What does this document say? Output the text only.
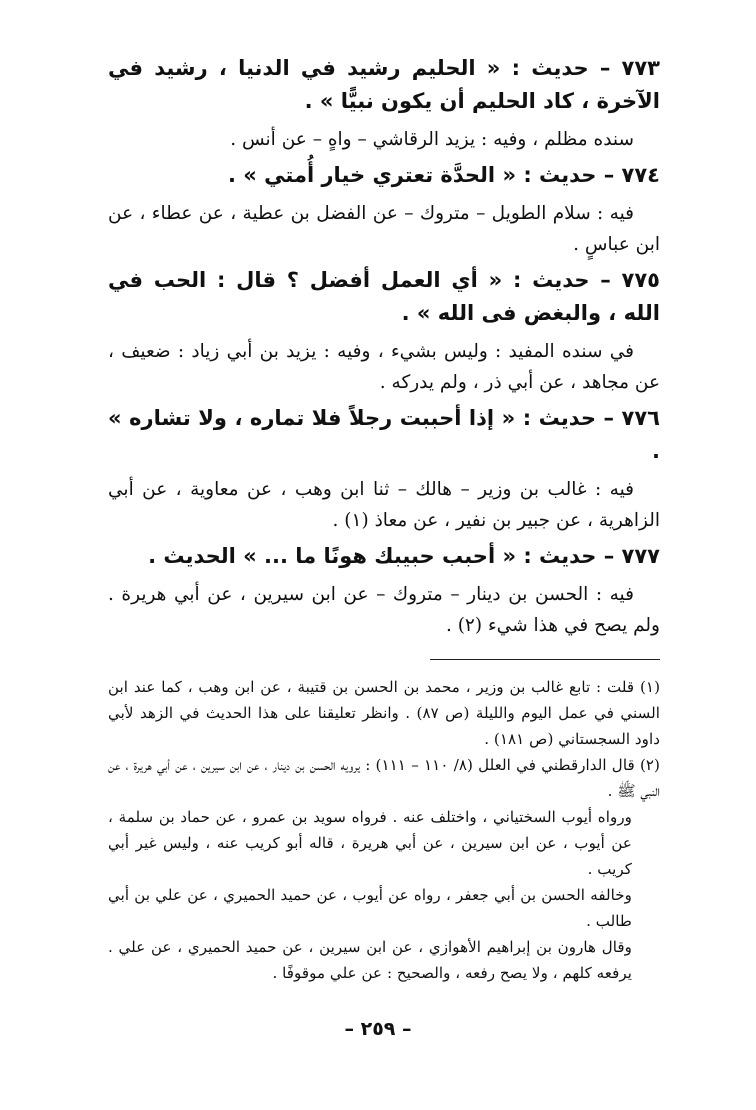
٧٧٣ – حديث : « الحليم رشيد في الدنيا ، رشيد في الآخرة ، كاد الحليم أن يكون نبيًّا » .

سنده مظلم ، وفيه : يزيد الرقاشي – واهٍ – عن أنس .

٧٧٤ – حديث : « الحدَّة تعتري خيار أُمتي » .

فيه : سلام الطويل – متروك – عن الفضل بن عطية ، عن عطاء ، عن ابن عباسٍ .

٧٧٥ – حديث : « أي العمل أفضل ؟ قال : الحب في الله ، والبغض فى الله » .

في سنده المفيد : وليس بشيء ، وفيه : يزيد بن أبي زياد : ضعيف ، عن مجاهد ، عن أبي ذر ، ولم يدركه .

٧٧٦ – حديث : « إذا أحببت رجلاً فلا تماره ، ولا تشاره » .

فيه : غالب بن وزير – هالك – ثنا ابن وهب ، عن معاوية ، عن أبي الزاهرية ، عن جبير بن نفير ، عن معاذ (١) .

٧٧٧ – حديث : « أحبب حبيبك هونًا ما ... » الحديث .

فيه : الحسن بن دينار – متروك – عن ابن سيرين ، عن أبي هريرة . ولم يصح في هذا شيء (٢) .

(١) قلت : تابع غالب بن وزير ، محمد بن الحسن بن قتيبة ، عن ابن وهب ، كما عند ابن السني في عمل اليوم والليلة (ص ٨٧) . وانظر تعليقنا على هذا الحديث في الزهد لأبي داود السجستاني (ص ١٨١) .

(٢) قال الدارقطني في العلل (٨/ ١١٠ – ١١١) : يرويه الحسن بن دينار ، عن ابن سيرين ، عن أبي هريرة ، عن النبي ﷺ .

ورواه أيوب السختياني ، واختلف عنه . فرواه سويد بن عمرو ، عن حماد بن سلمة ، عن أيوب ، عن ابن سيرين ، عن أبي هريرة ، قاله أبو كريب عنه ، وليس غير أبي كريب .

وخالفه الحسن بن أبي جعفر ، رواه عن أيوب ، عن حميد الحميري ، عن علي بن أبي طالب .

وقال هارون بن إبراهيم الأهوازي ، عن ابن سيرين ، عن حميد الحميري ، عن علي . يرفعه كلهم ، ولا يصح رفعه ، والصحيح : عن علي موقوفًا .

– ٢٥٩ –
